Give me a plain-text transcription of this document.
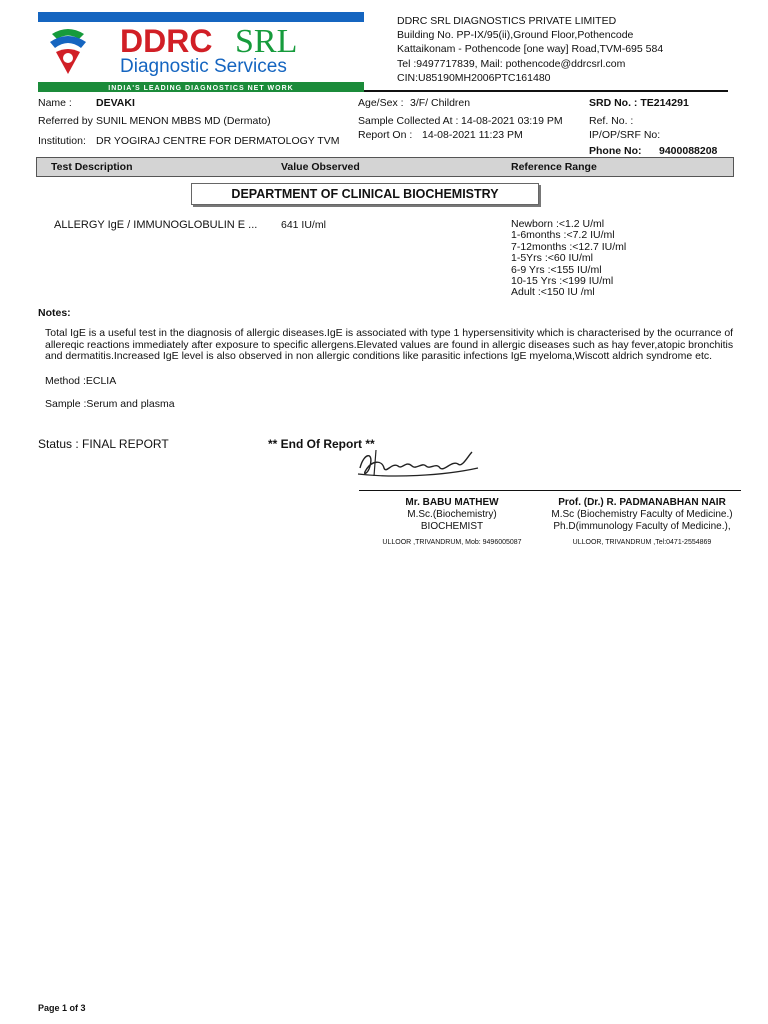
DDRC SRL
Diagnostic Services
INDIA'S LEADING DIAGNOSTICS NET WORK
DDRC SRL DIAGNOSTICS PRIVATE LIMITED
Building No. PP-IX/95(ii),Ground Floor,Pothencode
Kattaikonam - Pothencode [one way] Road,TVM-695 584
Tel :9497717839, Mail: pothencode@ddrcsrl.com
CIN:U85190MH2006PTC161480
Name : DEVAKI
Referred by SUNIL MENON MBBS MD (Dermato)
Institution: DR YOGIRAJ CENTRE FOR DERMATOLOGY TVM
Age/Sex : 3/F/ Children
Sample Collected At : 14-08-2021 03:19 PM
Report On : 14-08-2021 11:23 PM
SRD No. : TE214291
Ref. No. :
IP/OP/SRF No:
Phone No: 9400088208
Test Description	Value Observed	Reference Range
DEPARTMENT OF CLINICAL BIOCHEMISTRY
ALLERGY IgE / IMMUNOGLOBULIN E ... 641 IU/ml	Newborn :<1.2 U/ml
1-6months :<7.2 IU/ml
7-12months :<12.7 IU/ml
1-5Yrs :<60 IU/ml
6-9 Yrs :<155 IU/ml
10-15 Yrs :<199 IU/ml
Adult :<150 IU /ml
Notes:
Total IgE is a useful test in the diagnosis of allergic diseases.IgE is associated with type 1 hypersensitivity which is characterised by the ocurrance of
allereqic reactions immediately after exposure to specific allergens.Elevated values are found in allergic diseases such as hay fever,atopic bronchitis
and dermatitis.Increased IgE level is also observed in non allergic conditions like parasitic infections IgE myeloma,Wiscott aldrich syndrome etc.
Method :ECLIA
Sample :Serum and plasma
Status : FINAL REPORT	** End Of Report **
Mr. BABU MATHEW
M.Sc.(Biochemistry)
BIOCHEMIST
ULLOOR ,TRIVANDRUM, Mob: 9496005087
Prof. (Dr.) R. PADMANABHAN NAIR
M.Sc (Biochemistry Faculty of Medicine.)
Ph.D(immunology Faculty of Medicine.),
ULLOOR, TRIVANDRUM ,Tel:0471-2554869
Page 1 of 3
